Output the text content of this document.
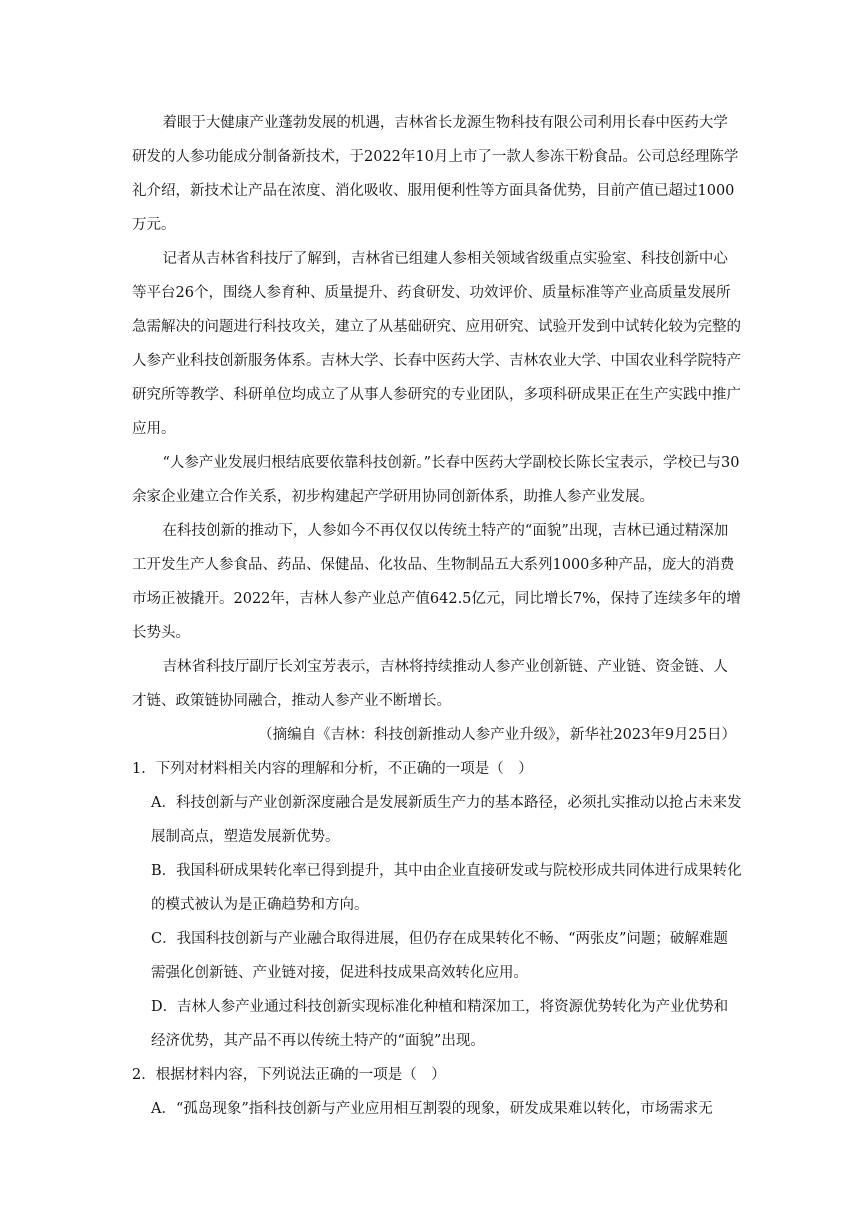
着眼于大健康产业蓬勃发展的机遇，吉林省长龙源生物科技有限公司利用长春中医药大学研发的人参功能成分制备新技术，于2022年10月上市了一款人参冻干粉食品。公司总经理陈学礼介绍，新技术让产品在浓度、消化吸收、服用便利性等方面具备优势，目前产值已超过1000万元。

记者从吉林省科技厅了解到，吉林省已组建人参相关领域省级重点实验室、科技创新中心等平台26个，围绕人参育种、质量提升、药食研发、功效评价、质量标准等产业高质量发展所急需解决的问题进行科技攻关，建立了从基础研究、应用研究、试验开发到中试转化较为完整的人参产业科技创新服务体系。吉林大学、长春中医药大学、吉林农业大学、中国农业科学院特产研究所等教学、科研单位均成立了从事人参研究的专业团队，多项科研成果正在生产实践中推广应用。

“人参产业发展归根结底要依靠科技创新。”长春中医药大学副校长陈长宝表示，学校已与30余家企业建立合作关系，初步构建起产学研用协同创新体系，助推人参产业发展。

在科技创新的推动下，人参如今不再仅仅以传统土特产的“面貌”出现，吉林已通过精深加工开发生产人参食品、药品、保健品、化妆品、生物制品五大系列1000多种产品，庞大的消费市场正被撬开。2022年，吉林人参产业总产值642.5亿元，同比增长7%，保持了连续多年的增长势头。

吉林省科技厅副厅长刘宝芳表示，吉林将持续推动人参产业创新链、产业链、资金链、人才链、政策链协同融合，推动人参产业不断增长。

（摘编自《吉林：科技创新推动人参产业升级》，新华社2023年9月25日）

1．下列对材料相关内容的理解和分析，不正确的一项是（　）

A．科技创新与产业创新深度融合是发展新质生产力的基本路径，必须扎实推动以抢占未来发展制高点，塑造发展新优势。

B．我国科研成果转化率已得到提升，其中由企业直接研发或与院校形成共同体进行成果转化的模式被认为是正确趋势和方向。

C．我国科技创新与产业融合取得进展，但仍存在成果转化不畅、“两张皮”问题；破解难题需强化创新链、产业链对接，促进科技成果高效转化应用。

D．吉林人参产业通过科技创新实现标准化种植和精深加工，将资源优势转化为产业优势和经济优势，其产品不再以传统土特产的“面貌”出现。

2．根据材料内容，下列说法正确的一项是（　）

A．“孤岛现象”指科技创新与产业应用相互割裂的现象，研发成果难以转化，市场需求无
